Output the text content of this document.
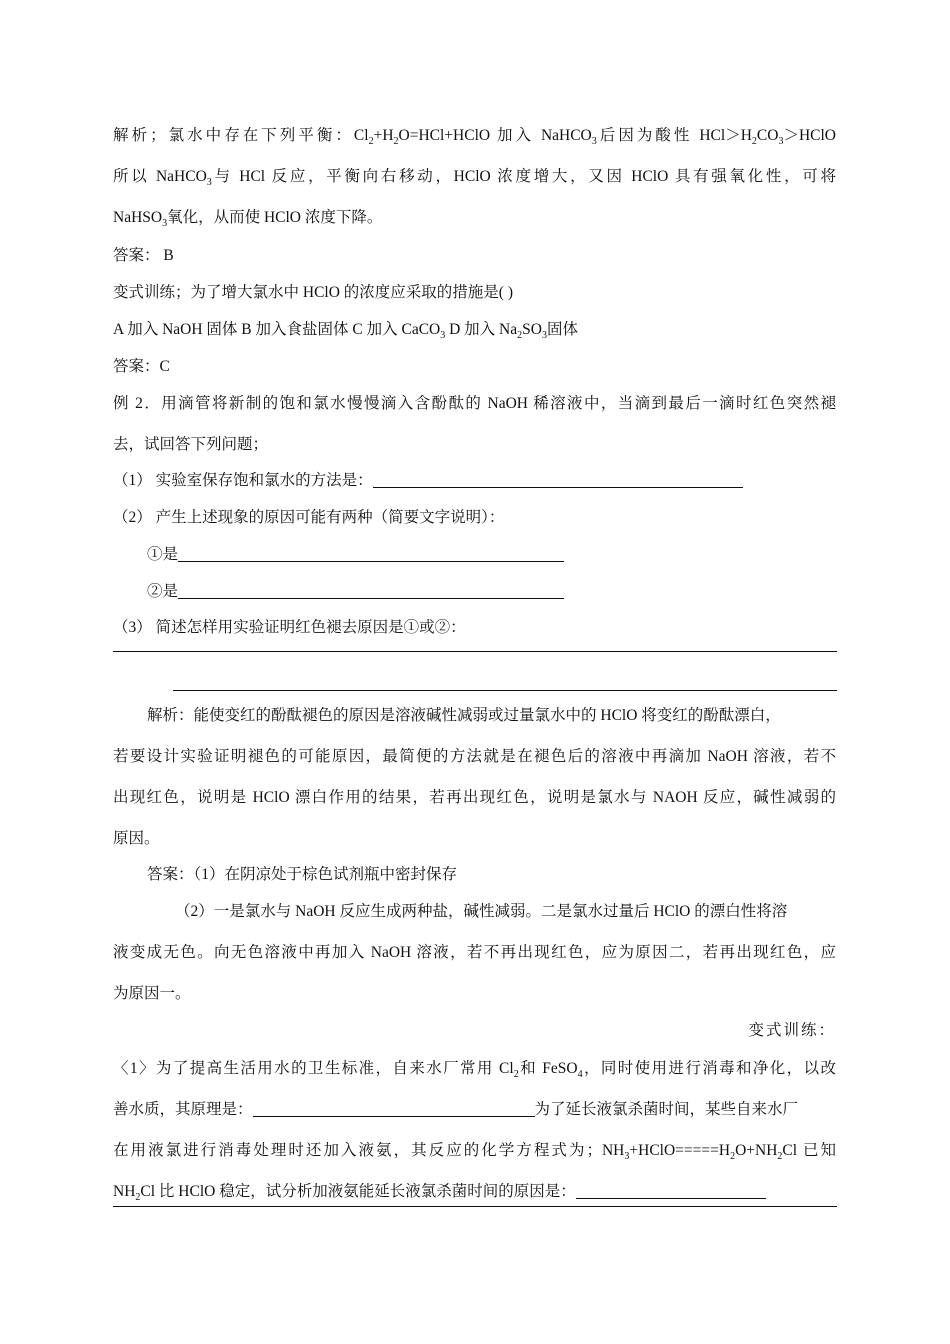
解析；氯水中存在下列平衡：$Cl_2+H_2O=HCl+HClO$ 加入 NaHCO$_3$后因为酸性 $HCl>H_2CO_3>HClO$
所以 NaHCO$_3$与 HCl 反应，平衡向右移动，HClO 浓度增大，又因 HClO 具有强氧化性，可将
NaHSO$_3$氧化，从而使 HClO 浓度下降。
答案： B
变式训练；为了增大氯水中 HClO 的浓度应采取的措施是( )
A 加入 NaOH 固体 B 加入食盐固体 C 加入 CaCO$_3$ D 加入 $Na_2SO_3$固体
答案：C
例 2．用滴管将新制的饱和氯水慢慢滴入含酚酞的 NaOH 稀溶液中，当滴到最后一滴时红色突然褪
去，试回答下列问题；
（1） 实验室保存饱和氯水的方法是：
（2） 产生上述现象的原因可能有两种（简要文字说明）：
①是
②是
（3） 简述怎样用实验证明红色褪去原因是①或②：
解析：能使变红的酚酞褪色的原因是溶液碱性减弱或过量氯水中的 HClO 将变红的酚酞漂白，
若要设计实验证明褪色的可能原因，最简便的方法就是在褪色后的溶液中再滴加 NaOH 溶液，若不
出现红色，说明是 HClO 漂白作用的结果，若再出现红色，说明是氯水与 NAOH 反应，碱性减弱的
原因。
答案：（1）在阴凉处于棕色试剂瓶中密封保存
（2）一是氯水与 NaOH 反应生成两种盐，碱性减弱。二是氯水过量后 HClO 的漂白性将溶
液变成无色。向无色溶液中再加入 NaOH 溶液，若不再出现红色，应为原因二，若再出现红色，应
为原因一。
变式训练：
〈1〉为了提高生活用水的卫生标准，自来水厂常用 $Cl_2$和 FeSO$_4$，同时使用进行消毒和净化，以改
善水质，其原理是：	为了延长液氯杀菌时间，某些自来水厂
在用液氯进行消毒处理时还加入液氨，其反应的化学方程式为；$NH_3+HClO=====H_2O+NH_2Cl$ 已知
$NH_2Cl$ 比 HClO 稳定，试分析加液氨能延长液氯杀菌时间的原因是：
